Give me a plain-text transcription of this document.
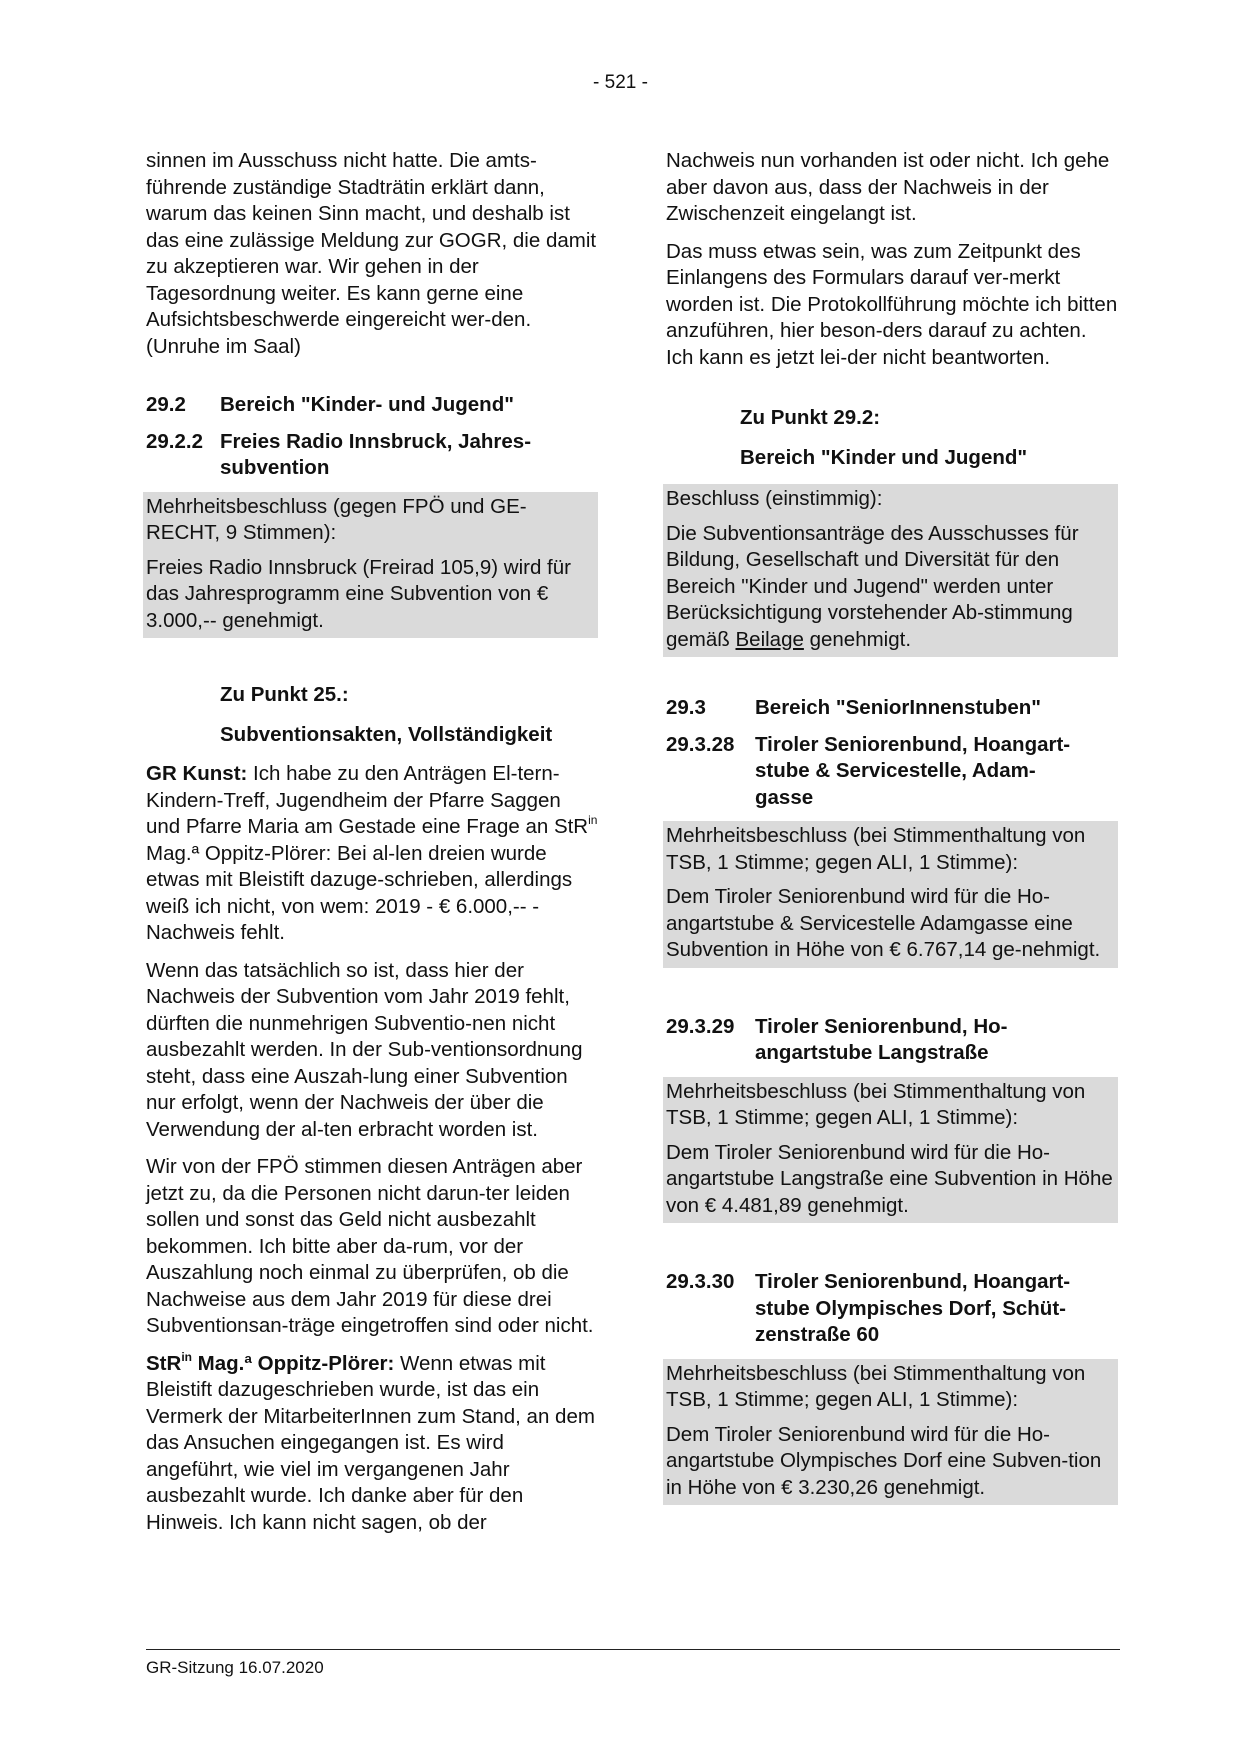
- 521 -

sinnen im Ausschuss nicht hatte. Die amts-führende zuständige Stadträtin erklärt dann, warum das keinen Sinn macht, und deshalb ist das eine zulässige Meldung zur GOGR, die damit zu akzeptieren war. Wir gehen in der Tagesordnung weiter. Es kann gerne eine Aufsichtsbeschwerde eingereicht wer-den. (Unruhe im Saal)

29.2	Bereich "Kinder- und Jugend"
29.2.2 Freies Radio Innsbruck, Jahres-subvention

Mehrheitsbeschluss (gegen FPÖ und GE-RECHT, 9 Stimmen):

Freies Radio Innsbruck (Freirad 105,9) wird für das Jahresprogramm eine Subvention von € 3.000,-- genehmigt.

Zu Punkt 25.:
Subventionsakten, Vollständigkeit

GR Kunst: Ich habe zu den Anträgen El-tern-Kindern-Treff, Jugendheim der Pfarre Saggen und Pfarre Maria am Gestade eine Frage an StR$^{in}$ Mag.ª Oppitz-Plörer: Bei al-len dreien wurde etwas mit Bleistift dazuge-schrieben, allerdings weiß ich nicht, von wem: 2019 - € 6.000,-- - Nachweis fehlt.

Wenn das tatsächlich so ist, dass hier der Nachweis der Subvention vom Jahr 2019 fehlt, dürften die nunmehrigen Subventio-nen nicht ausbezahlt werden. In der Sub-ventionsordnung steht, dass eine Auszah-lung einer Subvention nur erfolgt, wenn der Nachweis der über die Verwendung der al-ten erbracht worden ist.

Wir von der FPÖ stimmen diesen Anträgen aber jetzt zu, da die Personen nicht darun-ter leiden sollen und sonst das Geld nicht ausbezahlt bekommen. Ich bitte aber da-rum, vor der Auszahlung noch einmal zu überprüfen, ob die Nachweise aus dem Jahr 2019 für diese drei Subventionsan-träge eingetroffen sind oder nicht.

StR$^{in}$ Mag.ª Oppitz-Plörer: Wenn etwas mit Bleistift dazugeschrieben wurde, ist das ein Vermerk der MitarbeiterInnen zum Stand, an dem das Ansuchen eingegangen ist. Es wird angeführt, wie viel im vergangenen Jahr ausbezahlt wurde. Ich danke aber für den Hinweis. Ich kann nicht sagen, ob der

Nachweis nun vorhanden ist oder nicht. Ich gehe aber davon aus, dass der Nachweis in der Zwischenzeit eingelangt ist.

Das muss etwas sein, was zum Zeitpunkt des Einlangens des Formulars darauf ver-merkt worden ist. Die Protokollführung möchte ich bitten anzuführen, hier beson-ders darauf zu achten. Ich kann es jetzt lei-der nicht beantworten.

Zu Punkt 29.2:
Bereich "Kinder und Jugend"

Beschluss (einstimmig):

Die Subventionsanträge des Ausschusses für Bildung, Gesellschaft und Diversität für den Bereich "Kinder und Jugend" werden unter Berücksichtigung vorstehender Ab-stimmung gemäß Beilage genehmigt.

29.3	Bereich "SeniorInnenstuben"
29.3.28	Tiroler Seniorenbund, Hoangart-stube & Servicestelle, Adam-gasse

Mehrheitsbeschluss (bei Stimmenthaltung von TSB, 1 Stimme; gegen ALI, 1 Stimme):

Dem Tiroler Seniorenbund wird für die Ho-angartstube & Servicestelle Adamgasse eine Subvention in Höhe von € 6.767,14 ge-nehmigt.

29.3.29	Tiroler Seniorenbund, Ho-angartstube Langstraße

Mehrheitsbeschluss (bei Stimmenthaltung von TSB, 1 Stimme; gegen ALI, 1 Stimme):

Dem Tiroler Seniorenbund wird für die Ho-angartstube Langstraße eine Subvention in Höhe von € 4.481,89 genehmigt.

29.3.30	Tiroler Seniorenbund, Hoangart-stube Olympisches Dorf, Schüt-zenstraße 60

Mehrheitsbeschluss (bei Stimmenthaltung von TSB, 1 Stimme; gegen ALI, 1 Stimme):

Dem Tiroler Seniorenbund wird für die Ho-angartstube Olympisches Dorf eine Subven-tion in Höhe von € 3.230,26 genehmigt.

GR-Sitzung 16.07.2020
